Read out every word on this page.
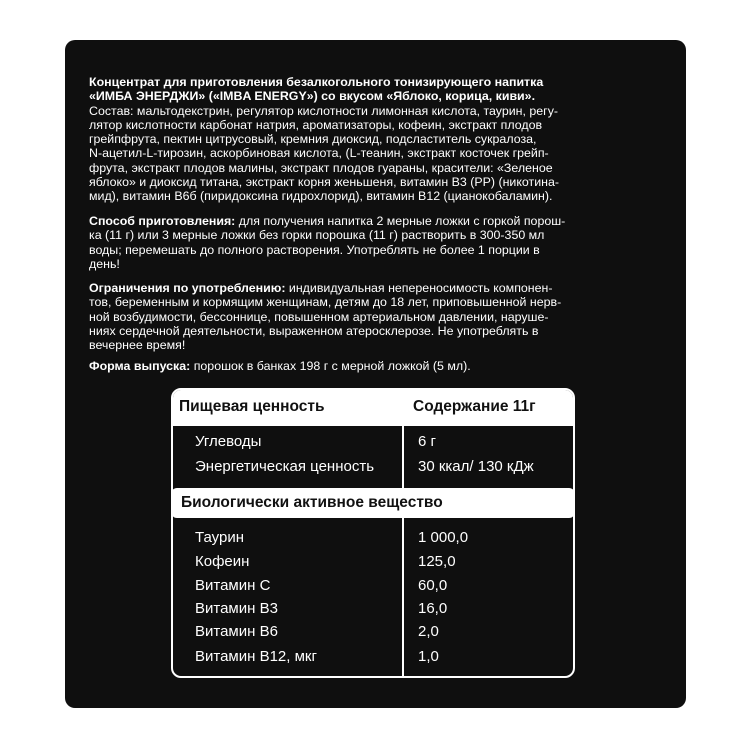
Концентрат для приготовления безалкогольного тонизирующего напитка
«ИМБА ЭНЕРДЖИ» («IMBA ENERGY») со вкусом «Яблоко, корица, киви».
Состав: мальтодекстрин, регулятор кислотности лимонная кислота, таурин, регу-
лятор кислотности карбонат натрия, ароматизаторы, кофеин, экстракт плодов
грейпфрута, пектин цитрусовый, кремния диоксид, подсластитель сукралоза,
N-ацетил-L-тирозин, аскорбиновая кислота, (L-теанин, экстракт косточек грейп-
фрута, экстракт плодов малины, экстракт плодов гуараны, красители: «Зеленое
яблоко» и диоксид титана, экстракт корня женьшеня, витамин В3 (РР) (никотина-
мид), витамин В6б (пиридоксина гидрохлорид), витамин В12 (цианокобаламин).
Способ приготовления: для получения напитка 2 мерные ложки с горкой порош-
ка (11 г) или 3 мерные ложки без горки порошка (11 г) растворить в 300-350 мл
воды; перемешать до полного растворения. Употреблять не более 1 порции в
день!
Ограничения по употреблению: индивидуальная непереносимость компонен-
тов, беременным и кормящим женщинам, детям до 18 лет, приповышенной нерв-
ной возбудимости, бессоннице, повышенном артериальном давлении, наруше-
ниях сердечной деятельности, выраженном атеросклерозе. Не употреблять в
вечернее время!
Форма выпуска: порошок в банках 198 г с мерной ложкой (5 мл).
Пищевая ценность	Содержание 11г
Углеводы	6 г
Энергетическая ценность	30 ккал/ 130 кДж
Биологически активное вещество
Таурин	1 000,0
Кофеин	125,0
Витамин С	60,0
Витамин В3	16,0
Витамин В6	2,0
Витамин В12, мкг	1,0
